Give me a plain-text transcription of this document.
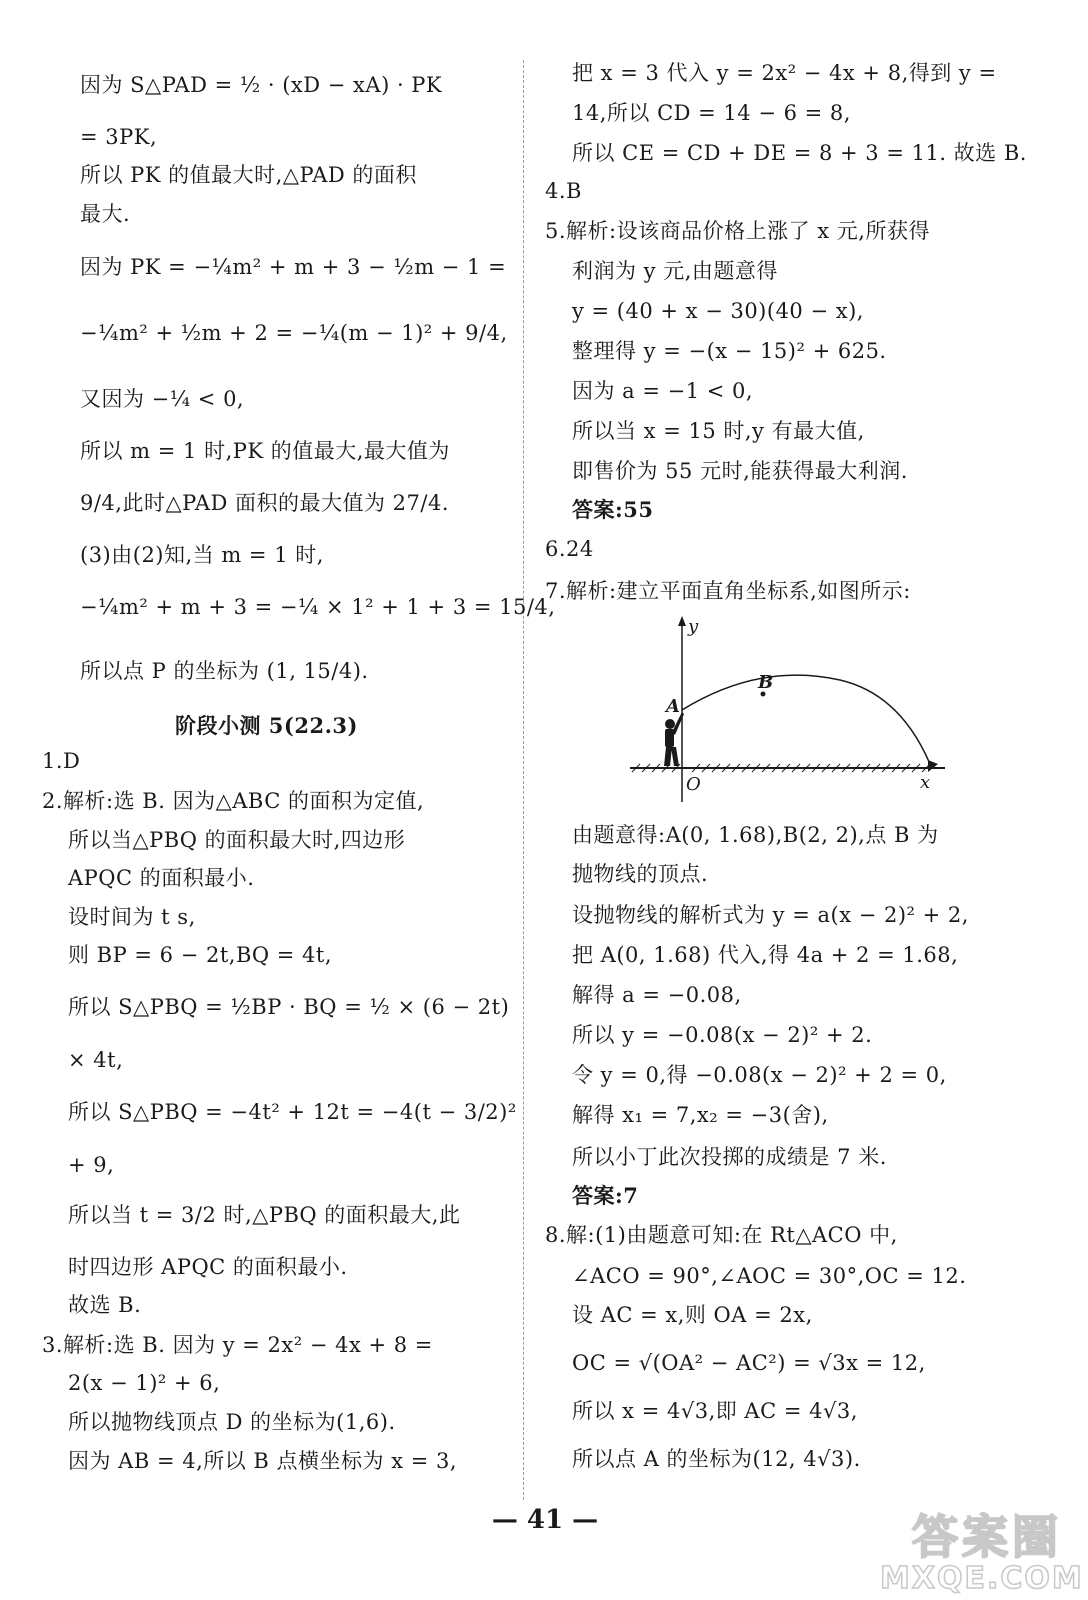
因为 S△PAD = ½ · (xD − xA) · PK
= 3PK,
所以 PK 的值最大时,△PAD 的面积
最大.
因为 PK = −¼m² + m + 3 − ½m − 1 =
−¼m² + ½m + 2 = −¼(m − 1)² + 9/4,
又因为 −¼ < 0,
所以 m = 1 时,PK 的值最大,最大值为
9/4,此时△PAD 面积的最大值为 27/4.
(3)由(2)知,当 m = 1 时,
−¼m² + m + 3 = −¼ × 1² + 1 + 3 = 15/4,
所以点 P 的坐标为 (1, 15/4).
阶段小测 5(22.3)
1.D
2.解析:选 B. 因为△ABC 的面积为定值,
所以当△PBQ 的面积最大时,四边形
APQC 的面积最小.
设时间为 t s,
则 BP = 6 − 2t,BQ = 4t,
所以 S△PBQ = ½BP · BQ = ½ × (6 − 2t)
× 4t,
所以 S△PBQ = −4t² + 12t = −4(t − 3/2)²
+ 9,
所以当 t = 3/2 时,△PBQ 的面积最大,此
时四边形 APQC 的面积最小.
故选 B.
3.解析:选 B. 因为 y = 2x² − 4x + 8 =
2(x − 1)² + 6,
所以抛物线顶点 D 的坐标为(1,6).
因为 AB = 4,所以 B 点横坐标为 x = 3,
把 x = 3 代入 y = 2x² − 4x + 8,得到 y =
14,所以 CD = 14 − 6 = 8,
所以 CE = CD + DE = 8 + 3 = 11. 故选 B.
4.B
5.解析:设该商品价格上涨了 x 元,所获得
利润为 y 元,由题意得
y = (40 + x − 30)(40 − x),
整理得 y = −(x − 15)² + 625.
因为 a = −1 < 0,
所以当 x = 15 时,y 有最大值,
即售价为 55 元时,能获得最大利润.
答案:55
6.24
7.解析:建立平面直角坐标系,如图所示:
y
x
O
A
B
由题意得:A(0, 1.68),B(2, 2),点 B 为
抛物线的顶点.
设抛物线的解析式为 y = a(x − 2)² + 2,
把 A(0, 1.68) 代入,得 4a + 2 = 1.68,
解得 a = −0.08,
所以 y = −0.08(x − 2)² + 2.
令 y = 0,得 −0.08(x − 2)² + 2 = 0,
解得 x₁ = 7,x₂ = −3(舍),
所以小丁此次投掷的成绩是 7 米.
答案:7
8.解:(1)由题意可知:在 Rt△ACO 中,
∠ACO = 90°,∠AOC = 30°,OC = 12.
设 AC = x,则 OA = 2x,
OC = √(OA² − AC²) = √3x = 12,
所以 x = 4√3,即 AC = 4√3,
所以点 A 的坐标为(12, 4√3).
— 41 —	答案圈
MXQE.COM
